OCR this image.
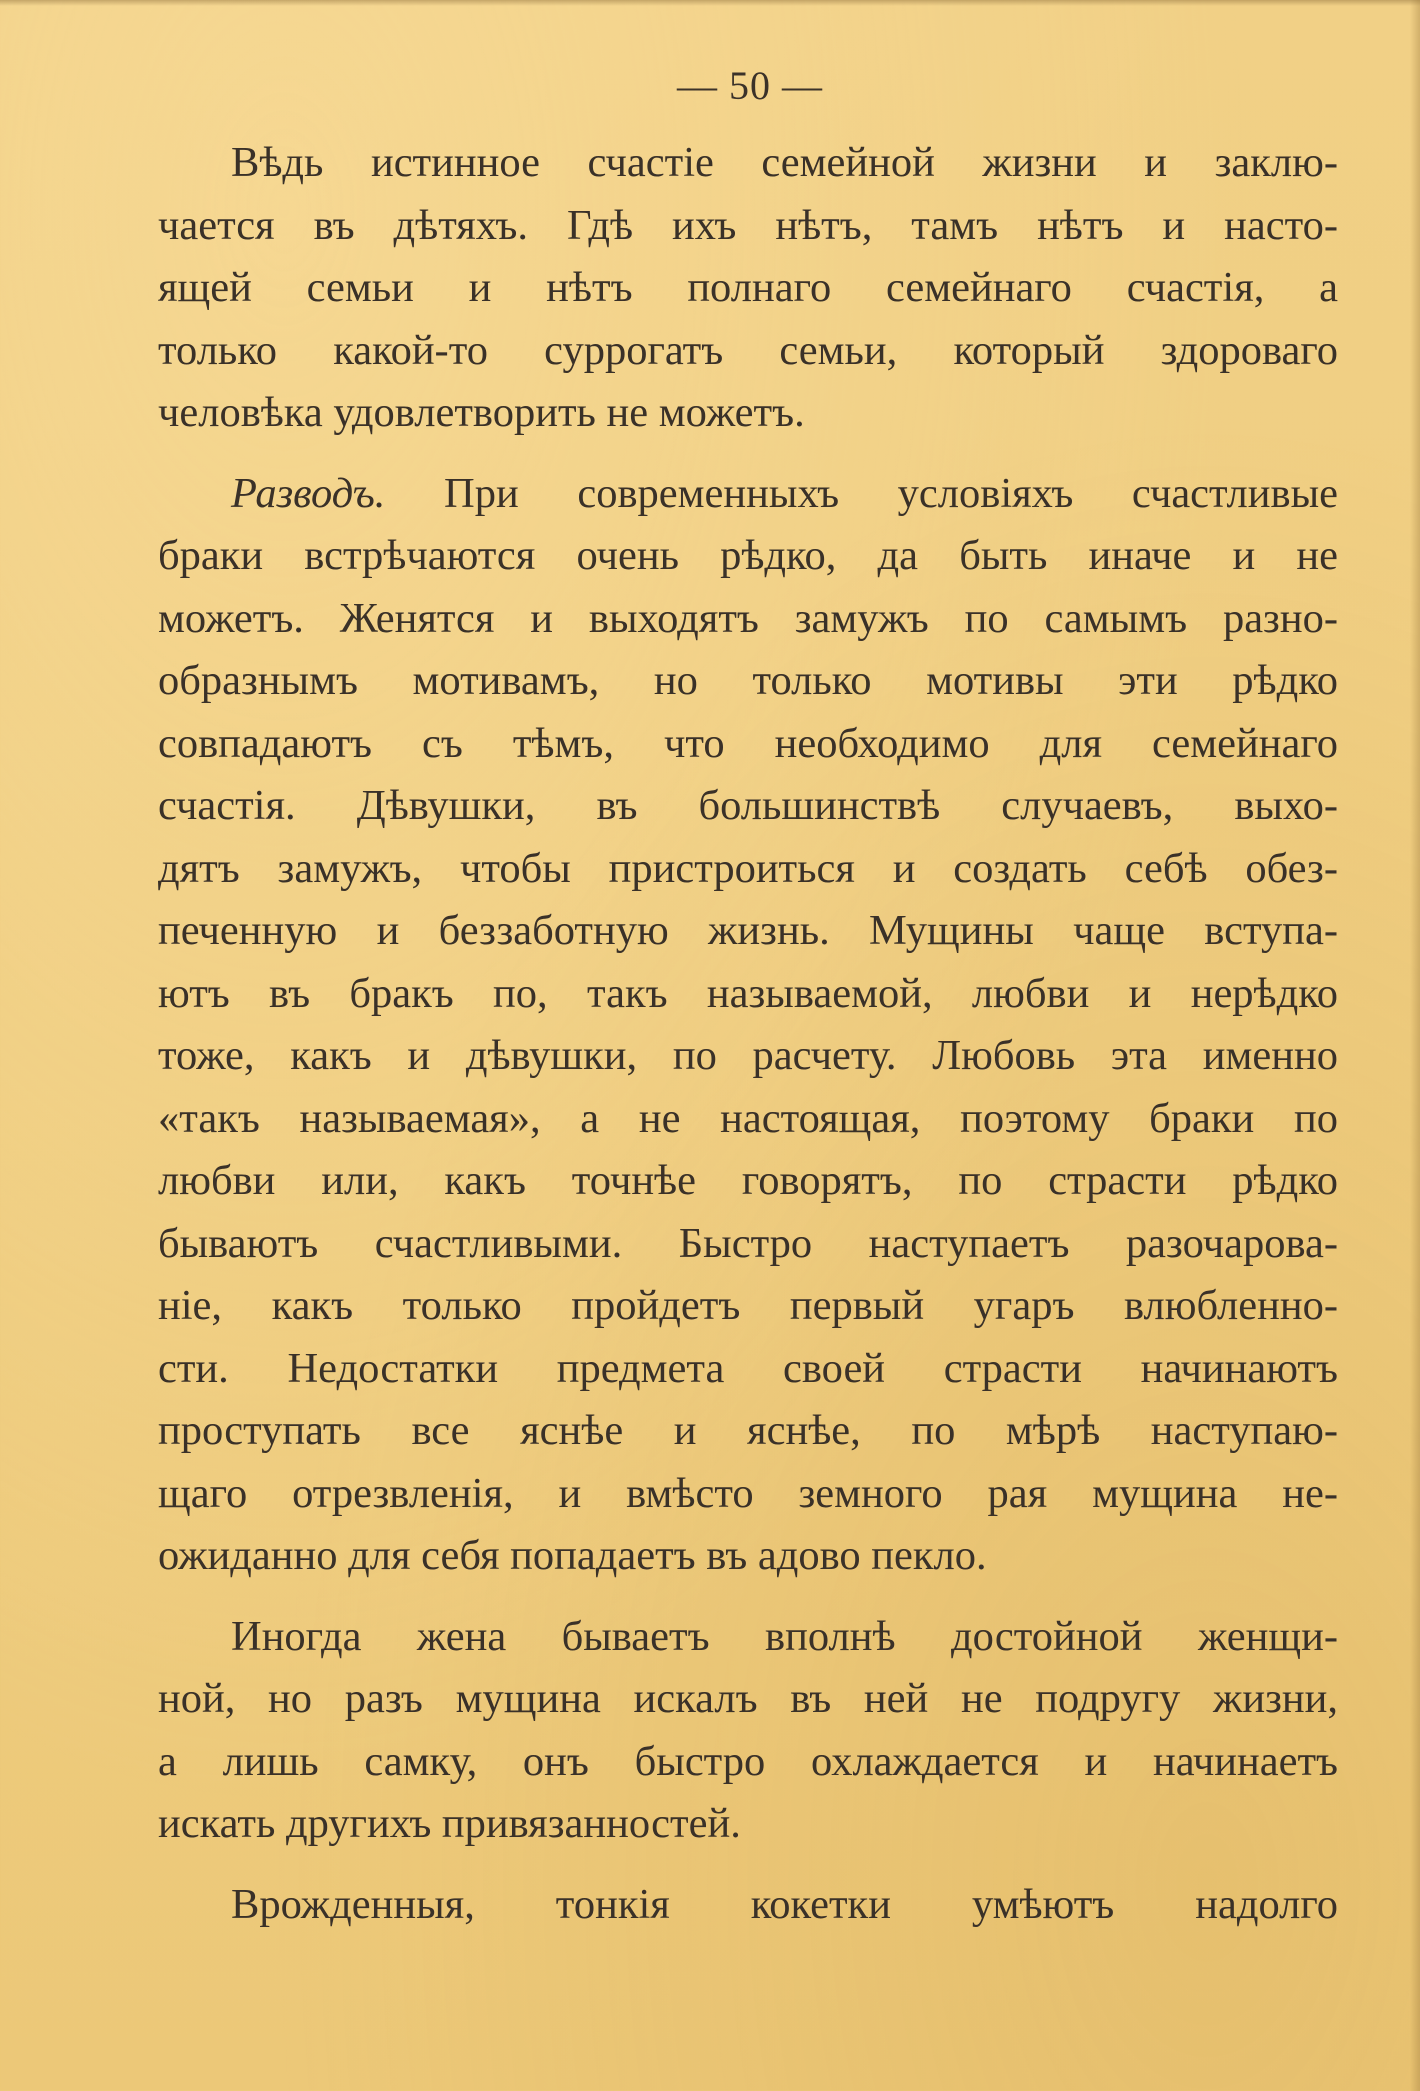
— 50 —
Вѣдь истинное счастіе семейной жизни и заклю-
чается въ дѣтяхъ. Гдѣ ихъ нѣтъ, тамъ нѣтъ и насто-
ящей семьи и нѣтъ полнаго семейнаго счастія, а
только какой-то суррогатъ семьи, который здороваго
человѣка удовлетворить не можетъ.
Разводъ. При современныхъ условіяхъ счастливые
браки встрѣчаются очень рѣдко, да быть иначе и не
можетъ. Женятся и выходятъ замужъ по самымъ разно-
образнымъ мотивамъ, но только мотивы эти рѣдко
совпадаютъ съ тѣмъ, что необходимо для семейнаго
счастія. Дѣвушки, въ большинствѣ случаевъ, выхо-
дятъ замужъ, чтобы пристроиться и создать себѣ обез-
печенную и беззаботную жизнь. Мущины чаще вступа-
ютъ въ бракъ по, такъ называемой, любви и нерѣдко
тоже, какъ и дѣвушки, по расчету. Любовь эта именно
«такъ называемая», а не настоящая, поэтому браки по
любви или, какъ точнѣе говорятъ, по страсти рѣдко
бываютъ счастливыми. Быстро наступаетъ разочарова-
ніе, какъ только пройдетъ первый угаръ влюбленно-
сти. Недостатки предмета своей страсти начинаютъ
проступать все яснѣе и яснѣе, по мѣрѣ наступаю-
щаго отрезвленія, и вмѣсто земного рая мущина не-
ожиданно для себя попадаетъ въ адово пекло.
Иногда жена бываетъ вполнѣ достойной женщи-
ной, но разъ мущина искалъ въ ней не подругу жизни,
а лишь самку, онъ быстро охлаждается и начинаетъ
искать другихъ привязанностей.
Врожденныя, тонкія кокетки умѣютъ надолго
